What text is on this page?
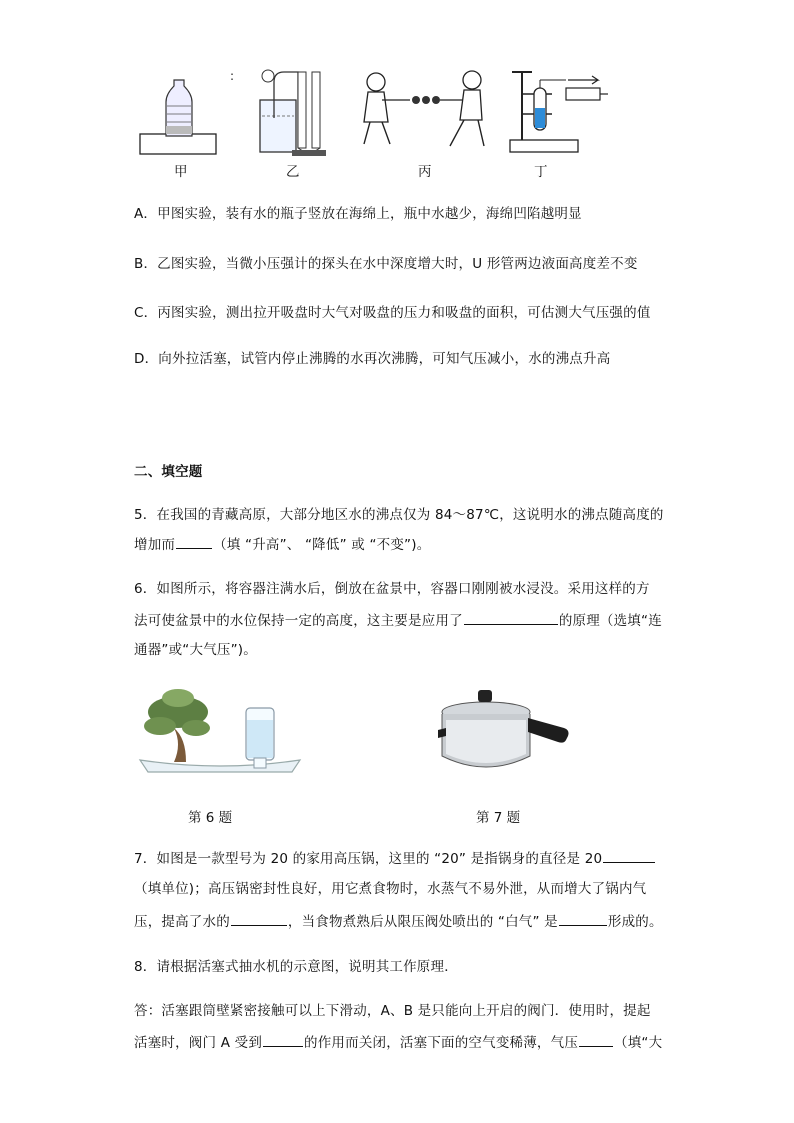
:
甲	乙	丙	丁
A．甲图实验，装有水的瓶子竖放在海绵上，瓶中水越少，海绵凹陷越明显
B．乙图实验，当微小压强计的探头在水中深度增大时，U 形管两边液面高度差不变
C．丙图实验，测出拉开吸盘时大气对吸盘的压力和吸盘的面积，可估测大气压强的值
D．向外拉活塞，试管内停止沸腾的水再次沸腾，可知气压减小，水的沸点升高
二、填空题
5．在我国的青藏高原，大部分地区水的沸点仅为 84～87℃，这说明水的沸点随高度的
增加而	（填 “升高”、 “降低” 或 “不变”)。
6．如图所示，将容器注满水后，倒放在盆景中，容器口刚刚被水浸没。采用这样的方
法可使盆景中的水位保持一定的高度，这主要是应用了	的原理（选填“连
通器”或“大气压”)。
第 6 题	第 7 题
7．如图是一款型号为 20 的家用高压锅，这里的 “20” 是指锅身的直径是 20
（填单位)；高压锅密封性良好，用它煮食物时，水蒸气不易外泄，从而增大了锅内气
压，提高了水的	，当食物煮熟后从限压阀处喷出的 “白气” 是	形成的。
8．请根据活塞式抽水机的示意图，说明其工作原理．
答：活塞跟筒壁紧密接触可以上下滑动，A、B 是只能向上开启的阀门．使用时，提起
活塞时，阀门 A 受到	的作用而关闭，活塞下面的空气变稀薄，气压	（填“大
